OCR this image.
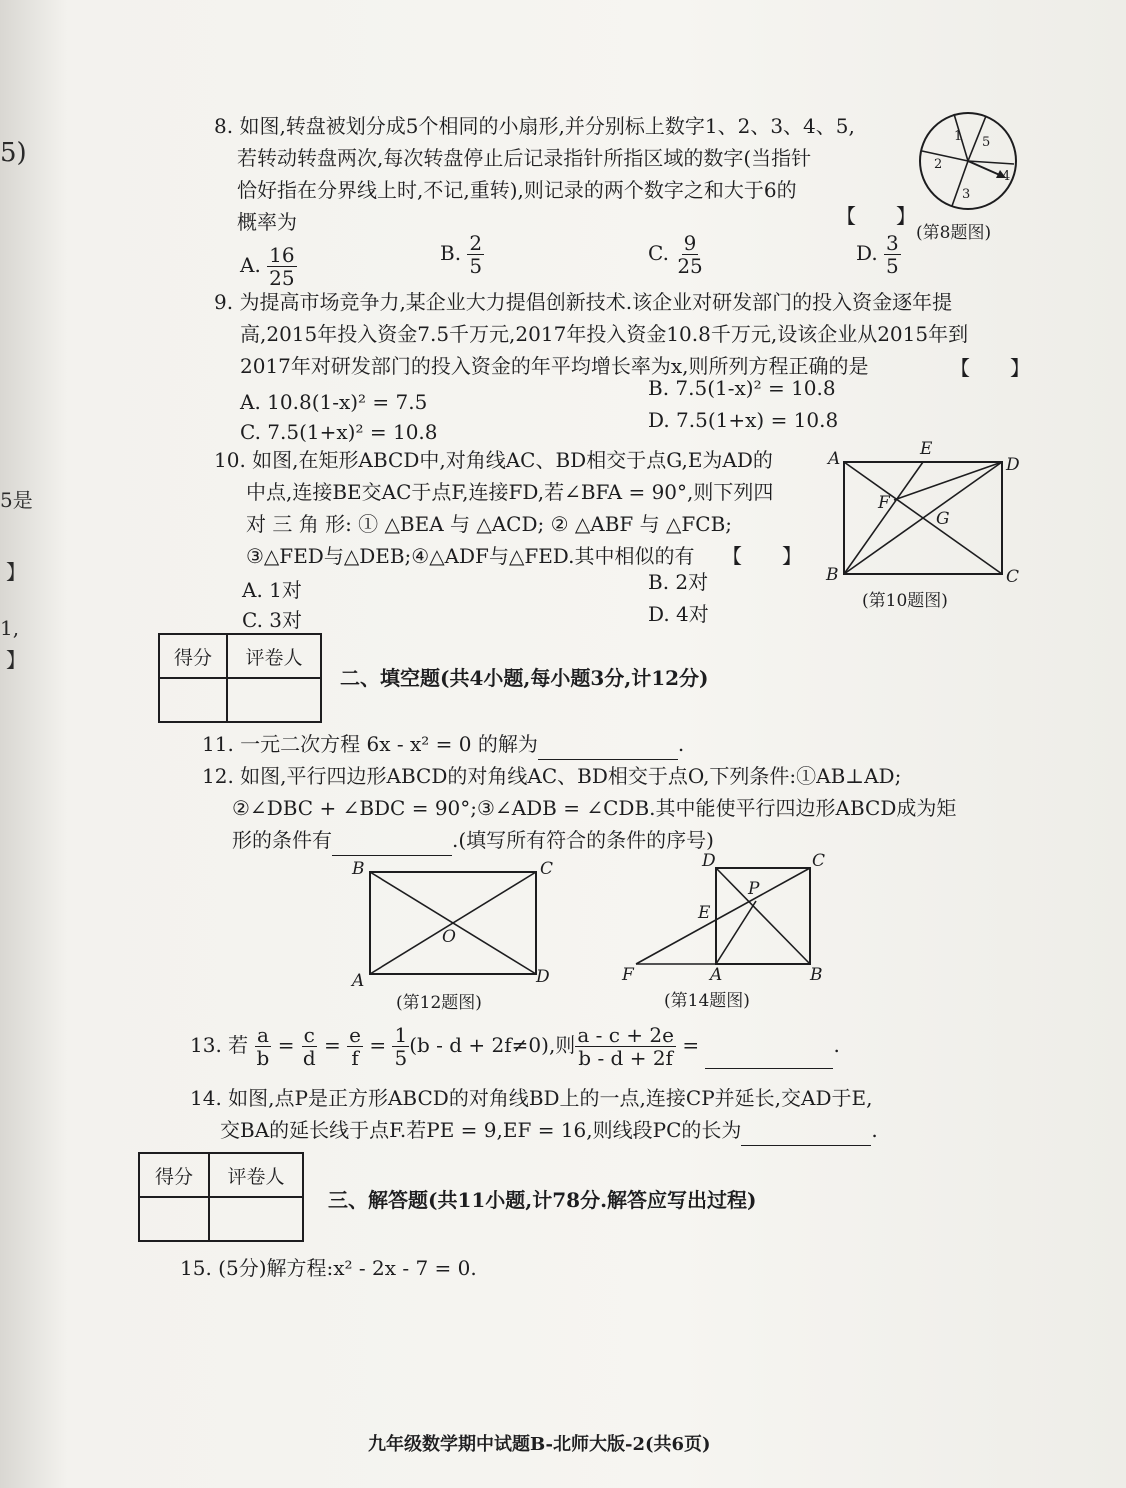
5)
5是
】
1,
】
8. 如图,转盘被划分成5个相同的小扇形,并分别标上数字1、2、3、4、5,
若转动转盘两次,每次转盘停止后记录指针所指区域的数字(当指针
恰好指在分界线上时,不记,重转),则记录的两个数字之和大于6的
概率为	【　　】
A. $\frac{16}{25}$	B. $\frac{2}{5}$	C. $\frac{9}{25}$	D. $\frac{3}{5}$
1 5
2
3
4
(第8题图)
9. 为提高市场竞争力,某企业大力提倡创新技术.该企业对研发部门的投入资金逐年提
高,2015年投入资金7.5千万元,2017年投入资金10.8千万元,设该企业从2015年到
2017年对研发部门的投入资金的年平均增长率为x,则所列方程正确的是	【　　】
A. 10.8(1-x)² = 7.5
B. 7.5(1-x)² = 10.8
C. 7.5(1+x)² = 10.8	D. 7.5(1+x) = 10.8
10. 如图,在矩形ABCD中,对角线AC、BD相交于点G,E为AD的
中点,连接BE交AC于点F,连接FD,若∠BFA = 90°,则下列四
对 三 角 形: ① △BEA 与 △ACD; ② △ABF 与 △FCB;
③△FED与△DEB;④△ADF与△FED.其中相似的有 【　　】
A. 1对	B. 2对
C. 3对	D. 4对
A	E
D
F
G
B	C
(第10题图)
得分	评卷人

二、填空题(共4小题,每小题3分,计12分)
11. 一元二次方程 6x - x² = 0 的解为	.
12. 如图,平行四边形ABCD的对角线AC、BD相交于点O,下列条件:①AB⊥AD;
②∠DBC + ∠BDC = 90°;③∠ADB = ∠CDB.其中能使平行四边形ABCD成为矩
形的条件有	.(填写所有符合的条件的序号)
B	C
O
A	D
(第12题图)
D	C
P
E
F	A	B
(第14题图)
13. 若 $\frac{a}{b} = \frac{c}{d} = \frac{e}{f} = \frac{1}{5} (b - d + 2f\ne 0)$,则 $\frac{a - c + 2e}{b - d + 2f}$ =	.
14. 如图,点P是正方形ABCD的对角线BD上的一点,连接CP并延长,交AD于E,
交BA的延长线于点F.若PE = 9,EF = 16,则线段PC的长为	.
得分	评卷人

三、解答题(共11小题,计78分.解答应写出过程)
15. (5分)解方程:x² - 2x - 7 = 0.
九年级数学期中试题B-北师大版-2(共6页)
